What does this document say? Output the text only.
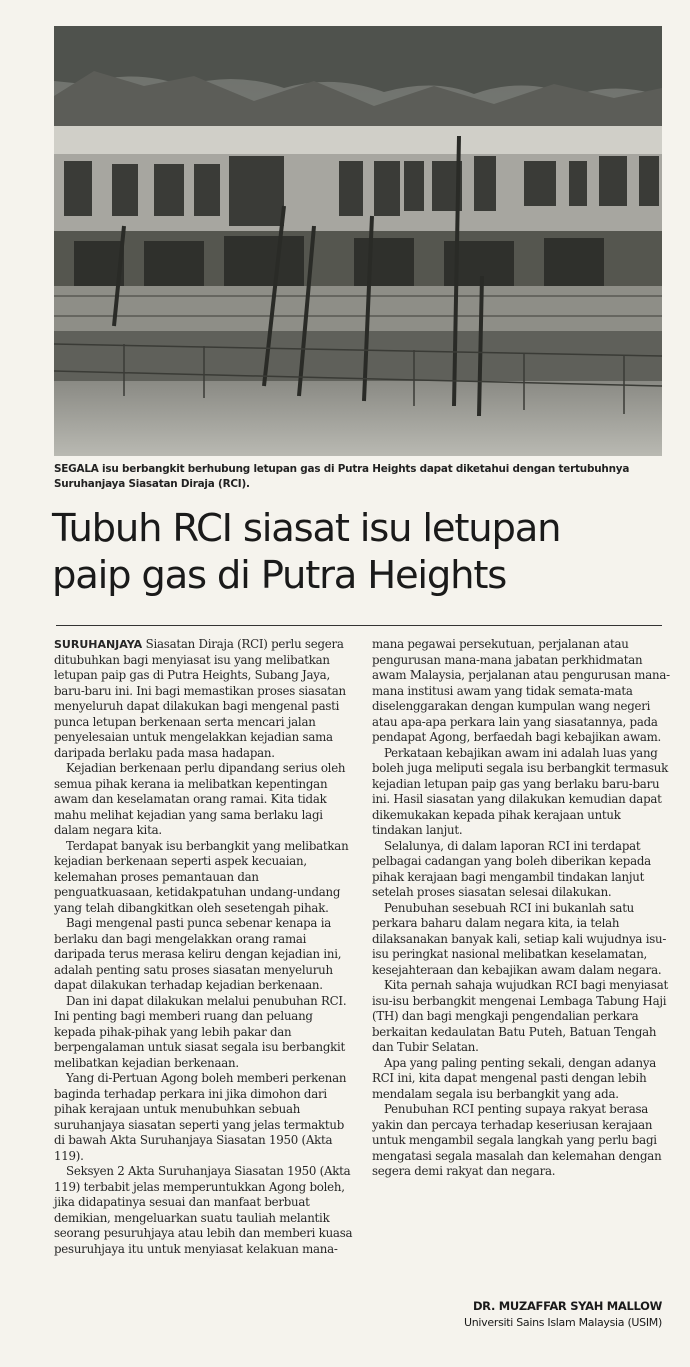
SEGALA isu berbangkit berhubung letupan gas di Putra Heights dapat diketahui dengan tertubuhnya Suruhanjaya Siasatan Diraja (RCI).
Tubuh RCI siasat isu letupan
paip gas di Putra Heights

SURUHANJAYA Siasatan Diraja (RCI) perlu segera ditubuhkan bagi menyiasat isu yang melibatkan letupan paip gas di Putra Heights, Subang Jaya, baru-baru ini. Ini bagi memastikan proses siasatan menyeluruh dapat dilakukan bagi mengenal pasti punca letupan berkenaan serta mencari jalan penyelesaian untuk mengelakkan kejadian sama daripada berlaku pada masa hadapan.

Kejadian berkenaan perlu dipandang serius oleh semua pihak kerana ia melibatkan kepentingan awam dan keselamatan orang ramai. Kita tidak mahu melihat kejadian yang sama berlaku lagi dalam negara kita.

Terdapat banyak isu berbangkit yang melibatkan kejadian berkenaan seperti aspek kecuaian, kelemahan proses pemantauan dan penguatkuasaan, ketidakpatuhan undang-undang yang telah dibangkitkan oleh sesetengah pihak.

Bagi mengenal pasti punca sebenar kenapa ia berlaku dan bagi mengelakkan orang ramai daripada terus merasa keliru dengan kejadian ini, adalah penting satu proses siasatan menyeluruh dapat dilakukan terhadap kejadian berkenaan.

Dan ini dapat dilakukan melalui penubuhan RCI. Ini penting bagi memberi ruang dan peluang kepada pihak-pihak yang lebih pakar dan berpengalaman untuk siasat segala isu berbangkit melibatkan kejadian berkenaan.

Yang di-Pertuan Agong boleh memberi perkenan baginda terhadap perkara ini jika dimohon dari pihak kerajaan untuk menubuhkan sebuah suruhanjaya siasatan seperti yang jelas termaktub di bawah Akta Suruhanjaya Siasatan 1950 (Akta 119).

Seksyen 2 Akta Suruhanjaya Siasatan 1950 (Akta 119) terbabit jelas memperuntukkan Agong boleh, jika didapatinya sesuai dan manfaat berbuat demikian, mengeluarkan suatu tauliah melantik seorang pesuruhjaya atau lebih dan memberi kuasa pesuruhjaya itu untuk menyiasat kelakuan mana-

mana pegawai persekutuan, perjalanan atau pengurusan mana-mana jabatan perkhidmatan awam Malaysia, perjalanan atau pengurusan mana-mana institusi awam yang tidak semata-mata diselenggarakan dengan kumpulan wang negeri atau apa-apa perkara lain yang siasatannya, pada pendapat Agong, berfaedah bagi kebajikan awam.

Perkataan kebajikan awam ini adalah luas yang boleh juga meliputi segala isu berbangkit termasuk kejadian letupan paip gas yang berlaku baru-baru ini. Hasil siasatan yang dilakukan kemudian dapat dikemukakan kepada pihak kerajaan untuk tindakan lanjut.

Selalunya, di dalam laporan RCI ini terdapat pelbagai cadangan yang boleh diberikan kepada pihak kerajaan bagi mengambil tindakan lanjut setelah proses siasatan selesai dilakukan.

Penubuhan sesebuah RCI ini bukanlah satu perkara baharu dalam negara kita, ia telah dilaksanakan banyak kali, setiap kali wujudnya isu-isu peringkat nasional melibatkan keselamatan, kesejahteraan dan kebajikan awam dalam negara.

Kita pernah sahaja wujudkan RCI bagi menyiasat isu-isu berbangkit mengenai Lembaga Tabung Haji (TH) dan bagi mengkaji pengendalian perkara berkaitan kedaulatan Batu Puteh, Batuan Tengah dan Tubir Selatan.

Apa yang paling penting sekali, dengan adanya RCI ini, kita dapat mengenal pasti dengan lebih mendalam segala isu berbangkit yang ada.

Penubuhan RCI penting supaya rakyat berasa yakin dan percaya terhadap keseriusan kerajaan untuk mengambil segala langkah yang perlu bagi mengatasi segala masalah dan kelemahan dengan segera demi rakyat dan negara.

DR. MUZAFFAR SYAH MALLOW
Universiti Sains Islam Malaysia (USIM)
